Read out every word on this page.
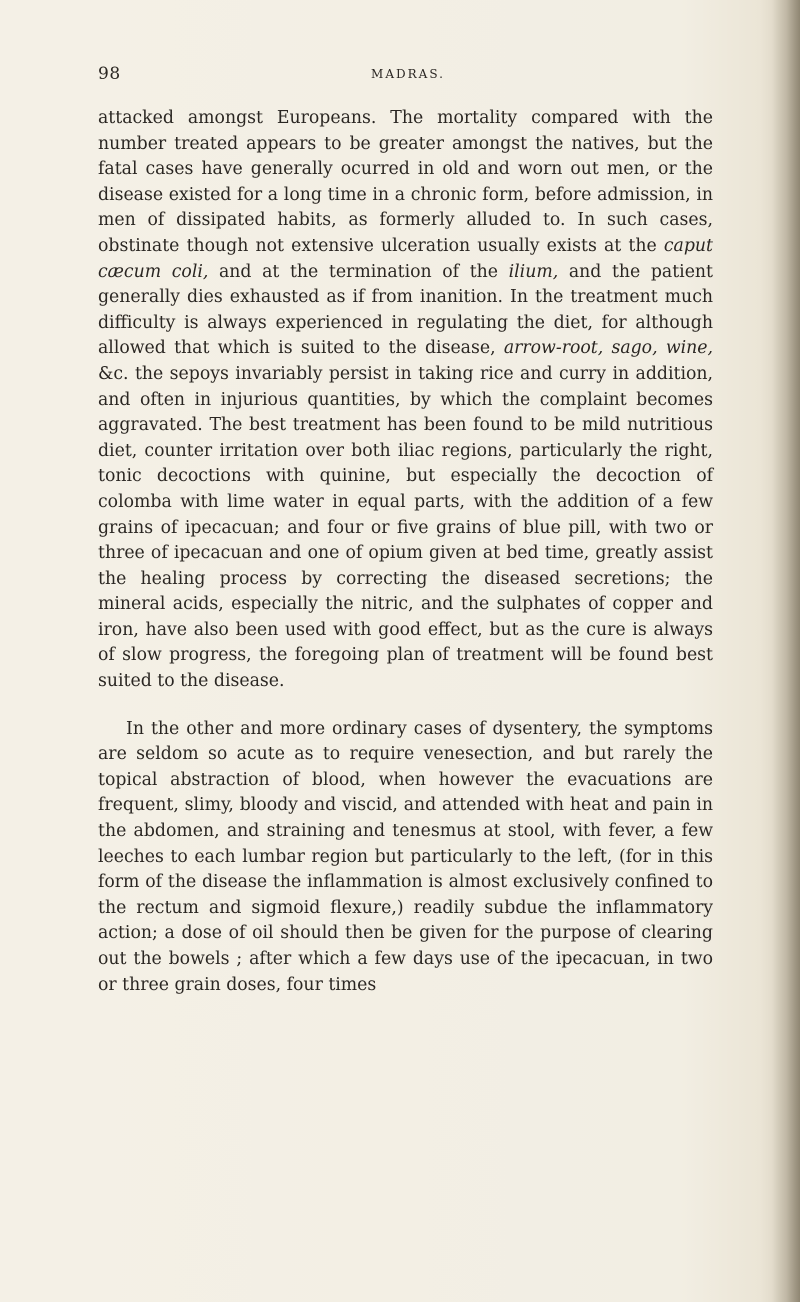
98	MADRAS.

attacked amongst Europeans. The mortality compared with the number treated appears to be greater amongst the natives, but the fatal cases have generally ocurred in old and worn out men, or the disease existed for a long time in a chronic form, before admission, in men of dissipated habits, as formerly alluded to. In such cases, obstinate though not extensive ulceration usually exists at the caput cæcum coli, and at the termination of the ilium, and the patient generally dies exhausted as if from inanition. In the treatment much difficulty is always experienced in regulating the diet, for although allowed that which is suited to the disease, arrow-root, sago, wine, &c. the sepoys invariably persist in taking rice and curry in addition, and often in injurious quantities, by which the complaint becomes aggravated. The best treatment has been found to be mild nutritious diet, counter irritation over both iliac regions, particularly the right, tonic decoctions with quinine, but especially the decoction of colomba with lime water in equal parts, with the addition of a few grains of ipecacuan; and four or five grains of blue pill, with two or three of ipecacuan and one of opium given at bed time, greatly assist the healing process by correcting the diseased secretions; the mineral acids, especially the nitric, and the sulphates of copper and iron, have also been used with good effect, but as the cure is always of slow progress, the foregoing plan of treatment will be found best suited to the disease.

In the other and more ordinary cases of dysentery, the symptoms are seldom so acute as to require venesection, and but rarely the topical abstraction of blood, when however the evacuations are frequent, slimy, bloody and viscid, and attended with heat and pain in the abdomen, and straining and tenesmus at stool, with fever, a few leeches to each lumbar region but particularly to the left, (for in this form of the disease the inflammation is almost exclusively confined to the rectum and sigmoid flexure,) readily subdue the inflammatory action; a dose of oil should then be given for the purpose of clearing out the bowels ; after which a few days use of the ipecacuan, in two or three grain doses, four times
